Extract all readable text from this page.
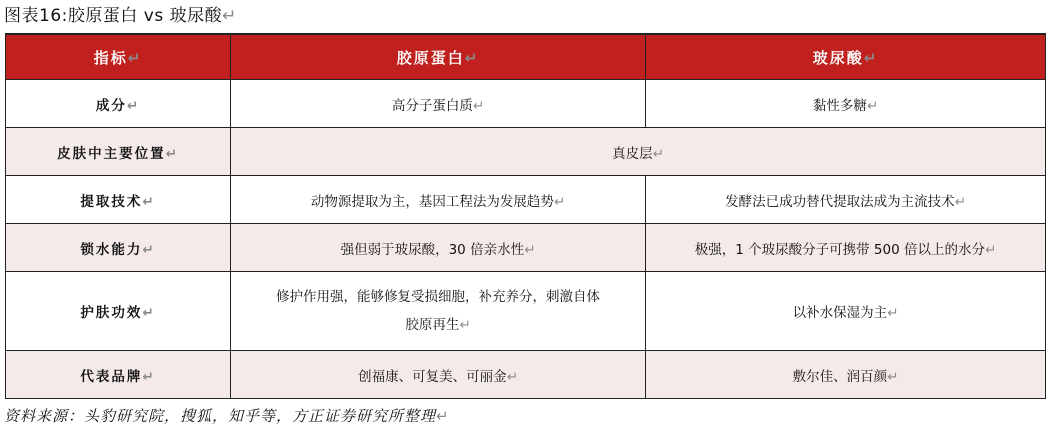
图表16:胶原蛋白 vs 玻尿酸↵
指标↵	胶原蛋白↵	玻尿酸↵
成分↵	高分子蛋白质↵	黏性多糖↵
皮肤中主要位置↵	真皮层↵	
提取技术↵	动物源提取为主，基因工程法为发展趋势↵	发酵法已成功替代提取法成为主流技术↵
锁水能力↵	强但弱于玻尿酸，30 倍亲水性↵	极强，1 个玻尿酸分子可携带 500 倍以上的水分↵
护肤功效↵	修护作用强，能够修复受损细胞，补充养分，刺激自体
胶原再生↵	以补水保湿为主↵
代表品牌↵	创福康、可复美、可丽金↵	敷尔佳、润百颜↵
资料来源：头豹研究院，搜狐，知乎等，方正证券研究所整理↵
